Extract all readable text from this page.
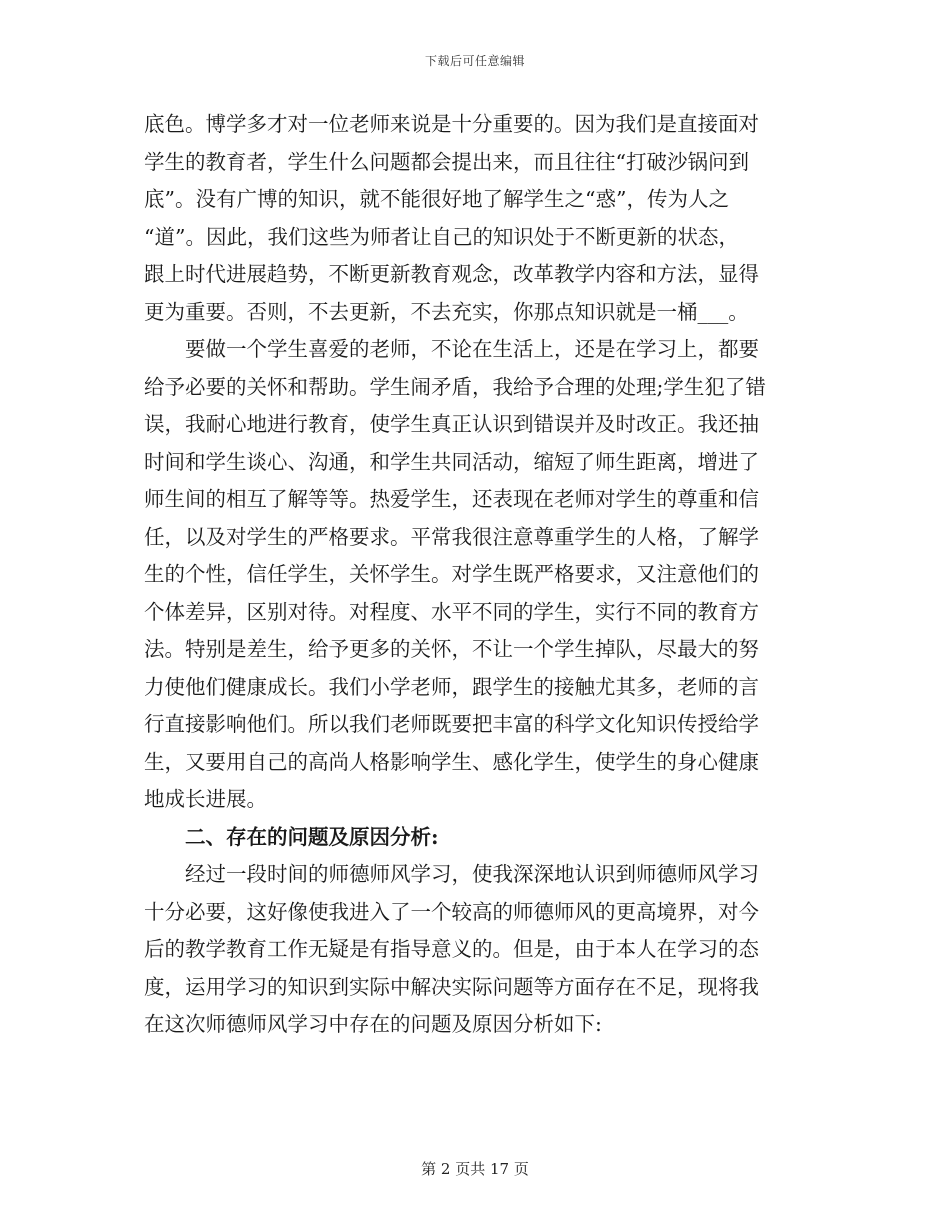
下载后可任意编辑
底色。博学多才对一位老师来说是十分重要的。因为我们是直接面对
学生的教育者，学生什么问题都会提出来，而且往往“打破沙锅问到
底”。没有广博的知识，就不能很好地了解学生之“惑”，传为人之
“道”。因此，我们这些为师者让自己的知识处于不断更新的状态，
跟上时代进展趋势，不断更新教育观念，改革教学内容和方法，显得
更为重要。否则，不去更新，不去充实，你那点知识就是一桶___。
要做一个学生喜爱的老师，不论在生活上，还是在学习上，都要
给予必要的关怀和帮助。学生闹矛盾，我给予合理的处理;学生犯了错
误，我耐心地进行教育，使学生真正认识到错误并及时改正。我还抽
时间和学生谈心、沟通，和学生共同活动，缩短了师生距离，增进了
师生间的相互了解等等。热爱学生，还表现在老师对学生的尊重和信
任，以及对学生的严格要求。平常我很注意尊重学生的人格，了解学
生的个性，信任学生，关怀学生。对学生既严格要求，又注意他们的
个体差异，区别对待。对程度、水平不同的学生，实行不同的教育方
法。特别是差生，给予更多的关怀，不让一个学生掉队，尽最大的努
力使他们健康成长。我们小学老师，跟学生的接触尤其多，老师的言
行直接影响他们。所以我们老师既要把丰富的科学文化知识传授给学
生，又要用自己的高尚人格影响学生、感化学生，使学生的身心健康
地成长进展。
二、存在的问题及原因分析:
经过一段时间的师德师风学习，使我深深地认识到师德师风学习
十分必要，这好像使我进入了一个较高的师德师风的更高境界，对今
后的教学教育工作无疑是有指导意义的。但是，由于本人在学习的态
度，运用学习的知识到实际中解决实际问题等方面存在不足，现将我
在这次师德师风学习中存在的问题及原因分析如下:
第 2 页共 17 页
